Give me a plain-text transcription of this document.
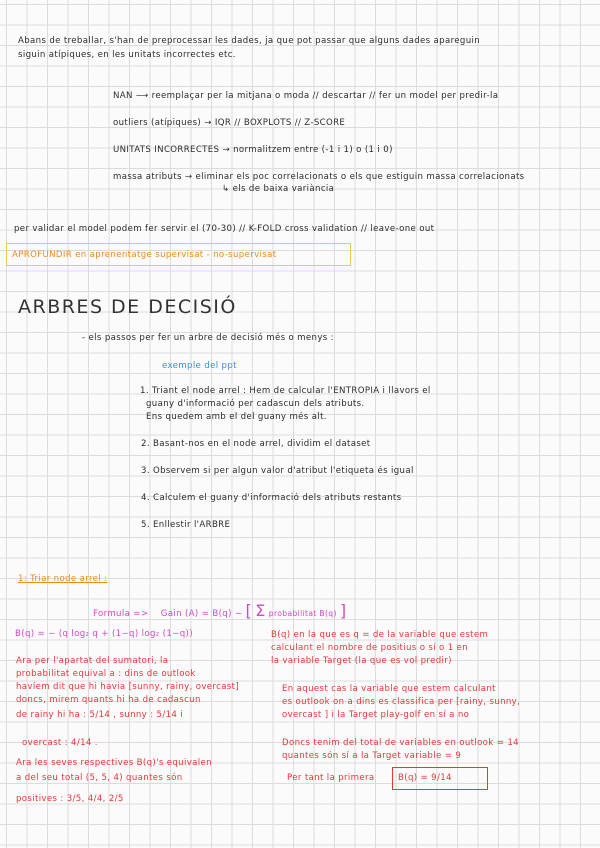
Abans de treballar, s'han de preprocessar les dades, ja que pot passar que alguns dades apareguin
siguin atípiques, en les unitats incorrectes etc.
NAN ⟶ reemplaçar per la mitjana o moda // descartar // fer un model per predir-la
outliers (atípiques) → IQR // BOXPLOTS // Z-SCORE
UNITATS INCORRECTES → normalitzem entre (-1 i 1) o (1 i 0)
massa atributs → eliminar els poc correlacionats o els que estiguin massa correlacionats
↳ els de baixa variància
per validar el model podem fer servir el (70-30) // K-FOLD cross validation // leave-one out
APROFUNDIR en aprenentatge supervisat - no-supervisat
ARBRES DE DECISIÓ
- els passos per fer un arbre de decisió més o menys :
exemple del ppt
1. Triant el node arrel : Hem de calcular l'ENTROPIA i llavors el
guany d'informació per cadascun dels atributs.
Ens quedem amb el del guany més alt.
2. Basant-nos en el node arrel, dividim el dataset
3. Observem si per algun valor d'atribut l'etiqueta és igual
4. Calculem el guany d'informació dels atributs restants
5. Enllestir l'ARBRE
1: Triar node arrel :
Formula => Gain (A) = B(q) − [ Σ probabilitat B(q) ]
B(q) = − (q log₂ q + (1−q) log₂ (1−q))
Ara per l'apartat del sumatori, la
probabilitat equival a : dins de outlook
havíem dit que hi havia [sunny, rainy, overcast]
doncs, mirem quants hi ha de cadascun
de rainy hi ha : 5/14 , sunny : 5/14 i
overcast : 4/14 .
Ara les seves respectives B(q)'s equivalen
a del seu total (5, 5, 4) quantes són
positives : 3/5, 4/4, 2/5
B(q) en la que es q = de la variable que estem
calculant el nombre de positius o sí o 1 en
la variable Target (la que es vol predir)
En aquest cas la variable que estem calculant
es outlook on a dins es classifica per [rainy, sunny,
overcast ] i la Target play-golf en sí a no
Doncs tenim del total de variables en outlook = 14
quantes són sí a la Target variable = 9
Per tant la primera	B(q) = 9/14
